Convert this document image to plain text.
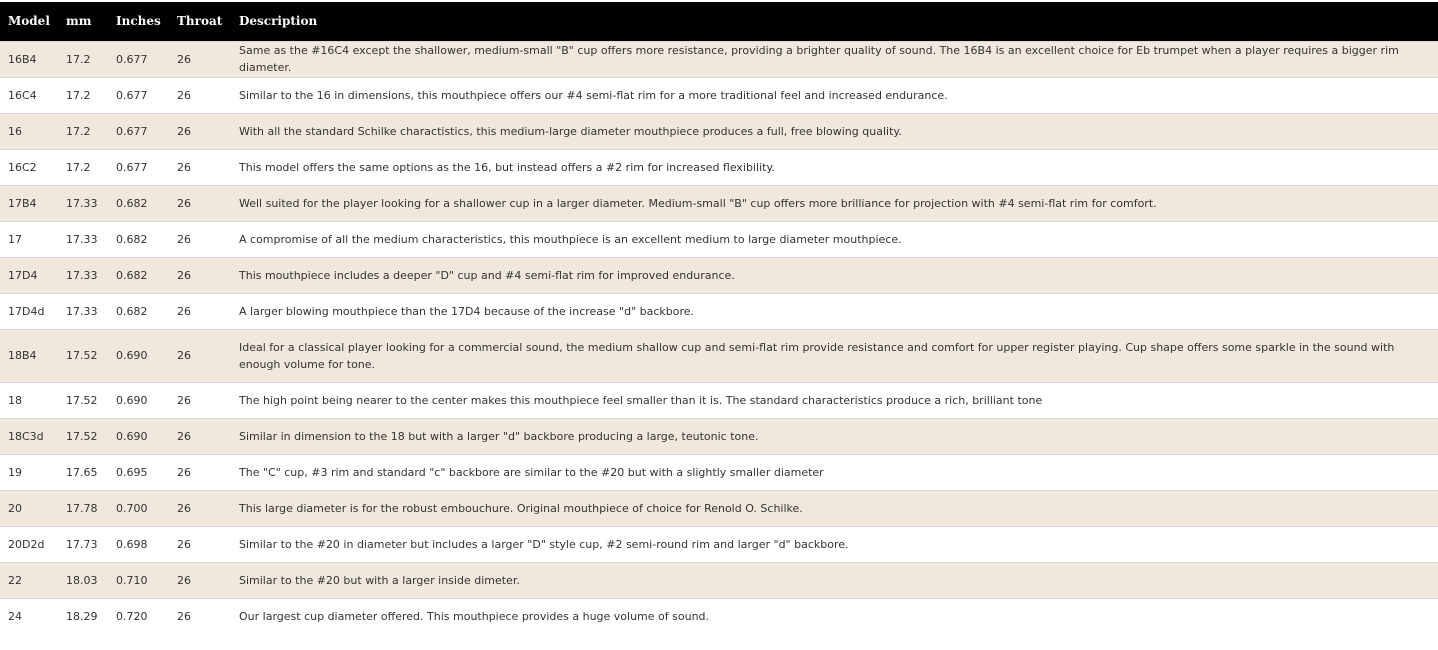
Model	mm	Inches	Throat	Description
16B4	17.2	0.677	26	Same as the #16C4 except the shallower, medium-small "B" cup offers more resistance, providing a brighter quality of sound. The 16B4 is an excellent choice for Eb trumpet when a player requires a bigger rim diameter.
16C4	17.2	0.677	26	Similar to the 16 in dimensions, this mouthpiece offers our #4 semi-flat rim for a more traditional feel and increased endurance.
16	17.2	0.677	26	With all the standard Schilke charactistics, this medium-large diameter mouthpiece produces a full, free blowing quality.
16C2	17.2	0.677	26	This model offers the same options as the 16, but instead offers a #2 rim for increased flexibility.
17B4	17.33	0.682	26	Well suited for the player looking for a shallower cup in a larger diameter. Medium-small "B" cup offers more brilliance for projection with #4 semi-flat rim for comfort.
17	17.33	0.682	26	A compromise of all the medium characteristics, this mouthpiece is an excellent medium to large diameter mouthpiece.
17D4	17.33	0.682	26	This mouthpiece includes a deeper "D" cup and #4 semi-flat rim for improved endurance.
17D4d	17.33	0.682	26	A larger blowing mouthpiece than the 17D4 because of the increase "d" backbore.
18B4	17.52	0.690	26	Ideal for a classical player looking for a commercial sound, the medium shallow cup and semi-flat rim provide resistance and comfort for upper register playing. Cup shape offers some sparkle in the sound with enough volume for tone.
18	17.52	0.690	26	The high point being nearer to the center makes this mouthpiece feel smaller than it is. The standard characteristics produce a rich, brilliant tone
18C3d	17.52	0.690	26	Similar in dimension to the 18 but with a larger "d" backbore producing a large, teutonic tone.
19	17.65	0.695	26	The "C" cup, #3 rim and standard "c" backbore are similar to the #20 but with a slightly smaller diameter
20	17.78	0.700	26	This large diameter is for the robust embouchure. Original mouthpiece of choice for Renold O. Schilke.
20D2d	17.73	0.698	26	Similar to the #20 in diameter but includes a larger "D" style cup, #2 semi-round rim and larger "d" backbore.
22	18.03	0.710	26	Similar to the #20 but with a larger inside dimeter.
24	18.29	0.720	26	Our largest cup diameter offered. This mouthpiece provides a huge volume of sound.
